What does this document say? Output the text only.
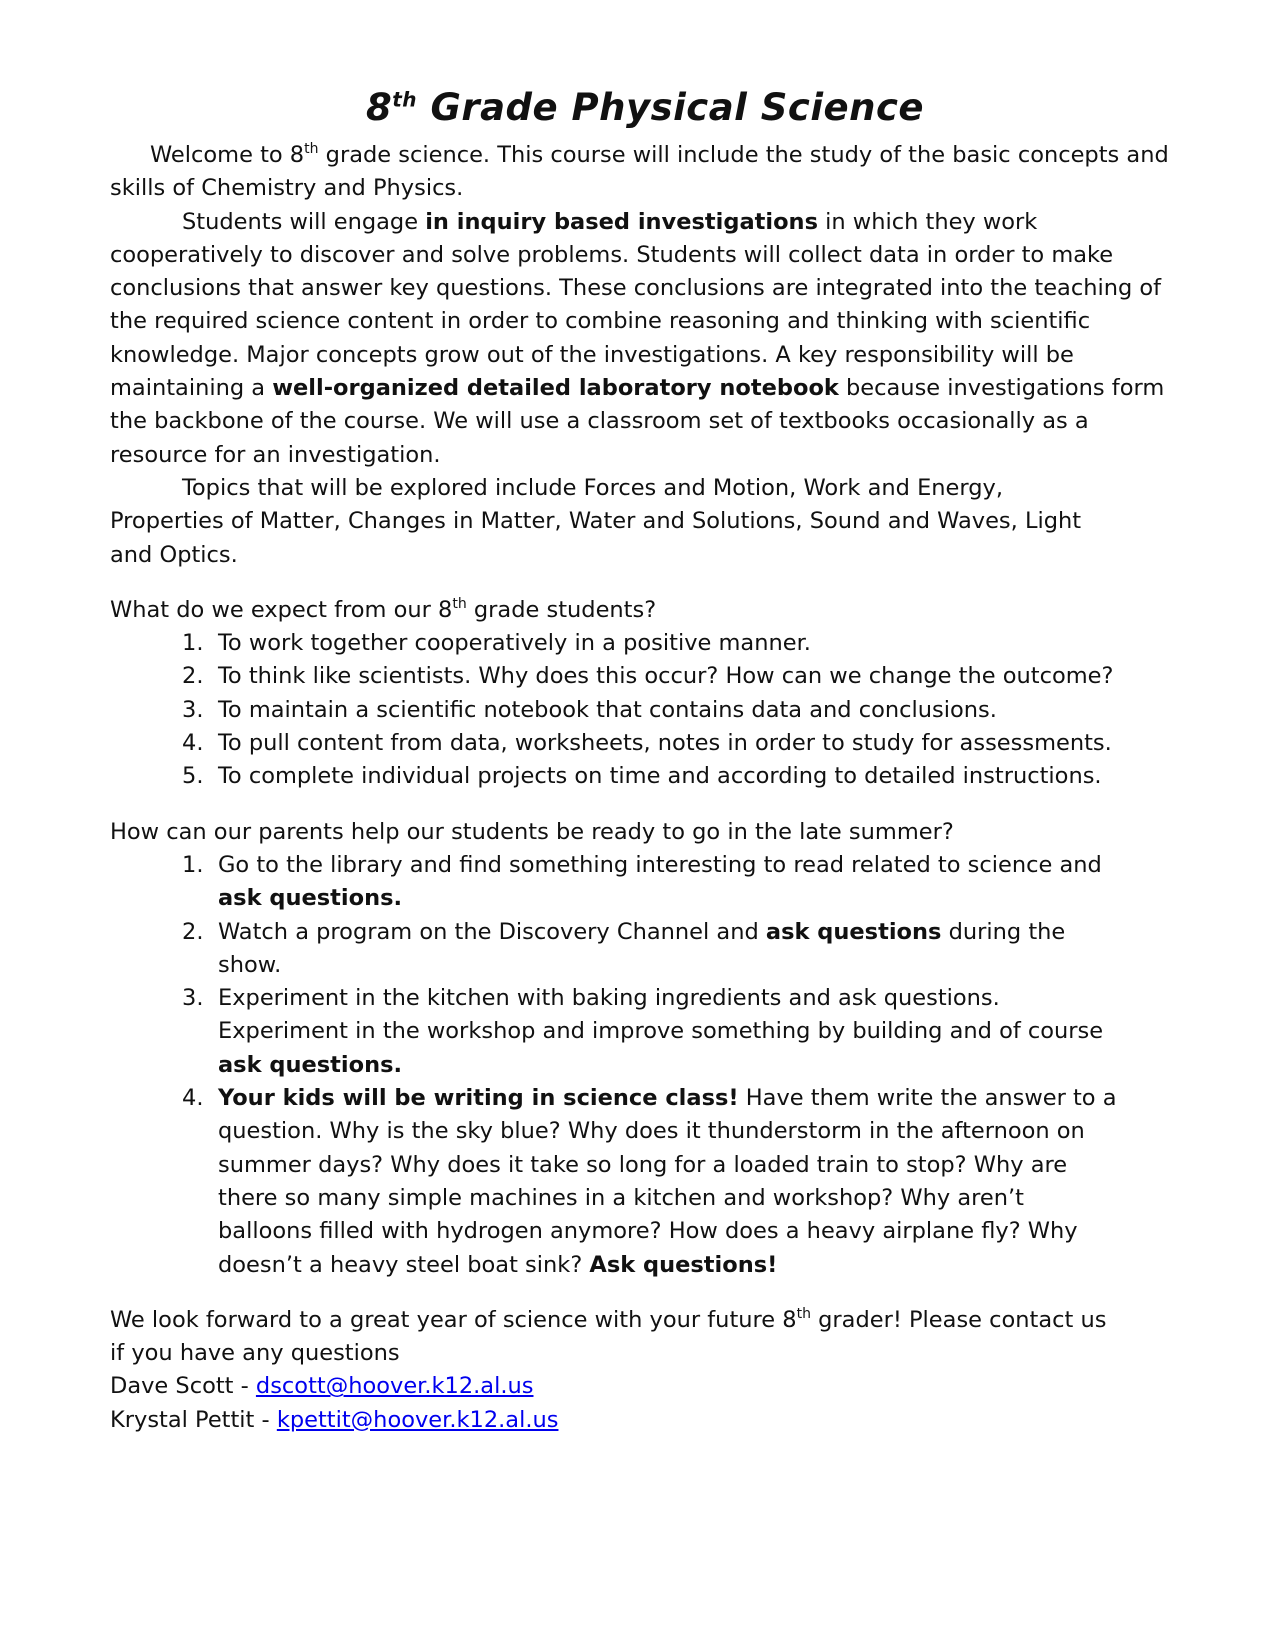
8th Grade Physical Science

Welcome to 8th grade science. This course will include the study of the basic concepts and skills of Chemistry and Physics.

Students will engage in inquiry based investigations in which they work cooperatively to discover and solve problems. Students will collect data in order to make conclusions that answer key questions. These conclusions are integrated into the teaching of the required science content in order to combine reasoning and thinking with scientific knowledge. Major concepts grow out of the investigations. A key responsibility will be maintaining a well-organized detailed laboratory notebook because investigations form the backbone of the course. We will use a classroom set of textbooks occasionally as a resource for an investigation.

Topics that will be explored include Forces and Motion, Work and Energy, Properties of Matter, Changes in Matter, Water and Solutions, Sound and Waves, Light and Optics.

What do we expect from our 8th grade students?

1. To work together cooperatively in a positive manner.
2. To think like scientists. Why does this occur? How can we change the outcome?
3. To maintain a scientific notebook that contains data and conclusions.
4. To pull content from data, worksheets, notes in order to study for assessments.
5. To complete individual projects on time and according to detailed instructions.

How can our parents help our students be ready to go in the late summer?

1. Go to the library and find something interesting to read related to science and ask questions.
2. Watch a program on the Discovery Channel and ask questions during the show.
3. Experiment in the kitchen with baking ingredients and ask questions. Experiment in the workshop and improve something by building and of course ask questions.
4. Your kids will be writing in science class! Have them write the answer to a question. Why is the sky blue? Why does it thunderstorm in the afternoon on summer days? Why does it take so long for a loaded train to stop? Why are there so many simple machines in a kitchen and workshop? Why aren’t balloons filled with hydrogen anymore? How does a heavy airplane fly? Why doesn’t a heavy steel boat sink? Ask questions!

We look forward to a great year of science with your future 8th grader! Please contact us if you have any questions

Dave Scott - dscott@hoover.k12.al.us

Krystal Pettit - kpettit@hoover.k12.al.us
